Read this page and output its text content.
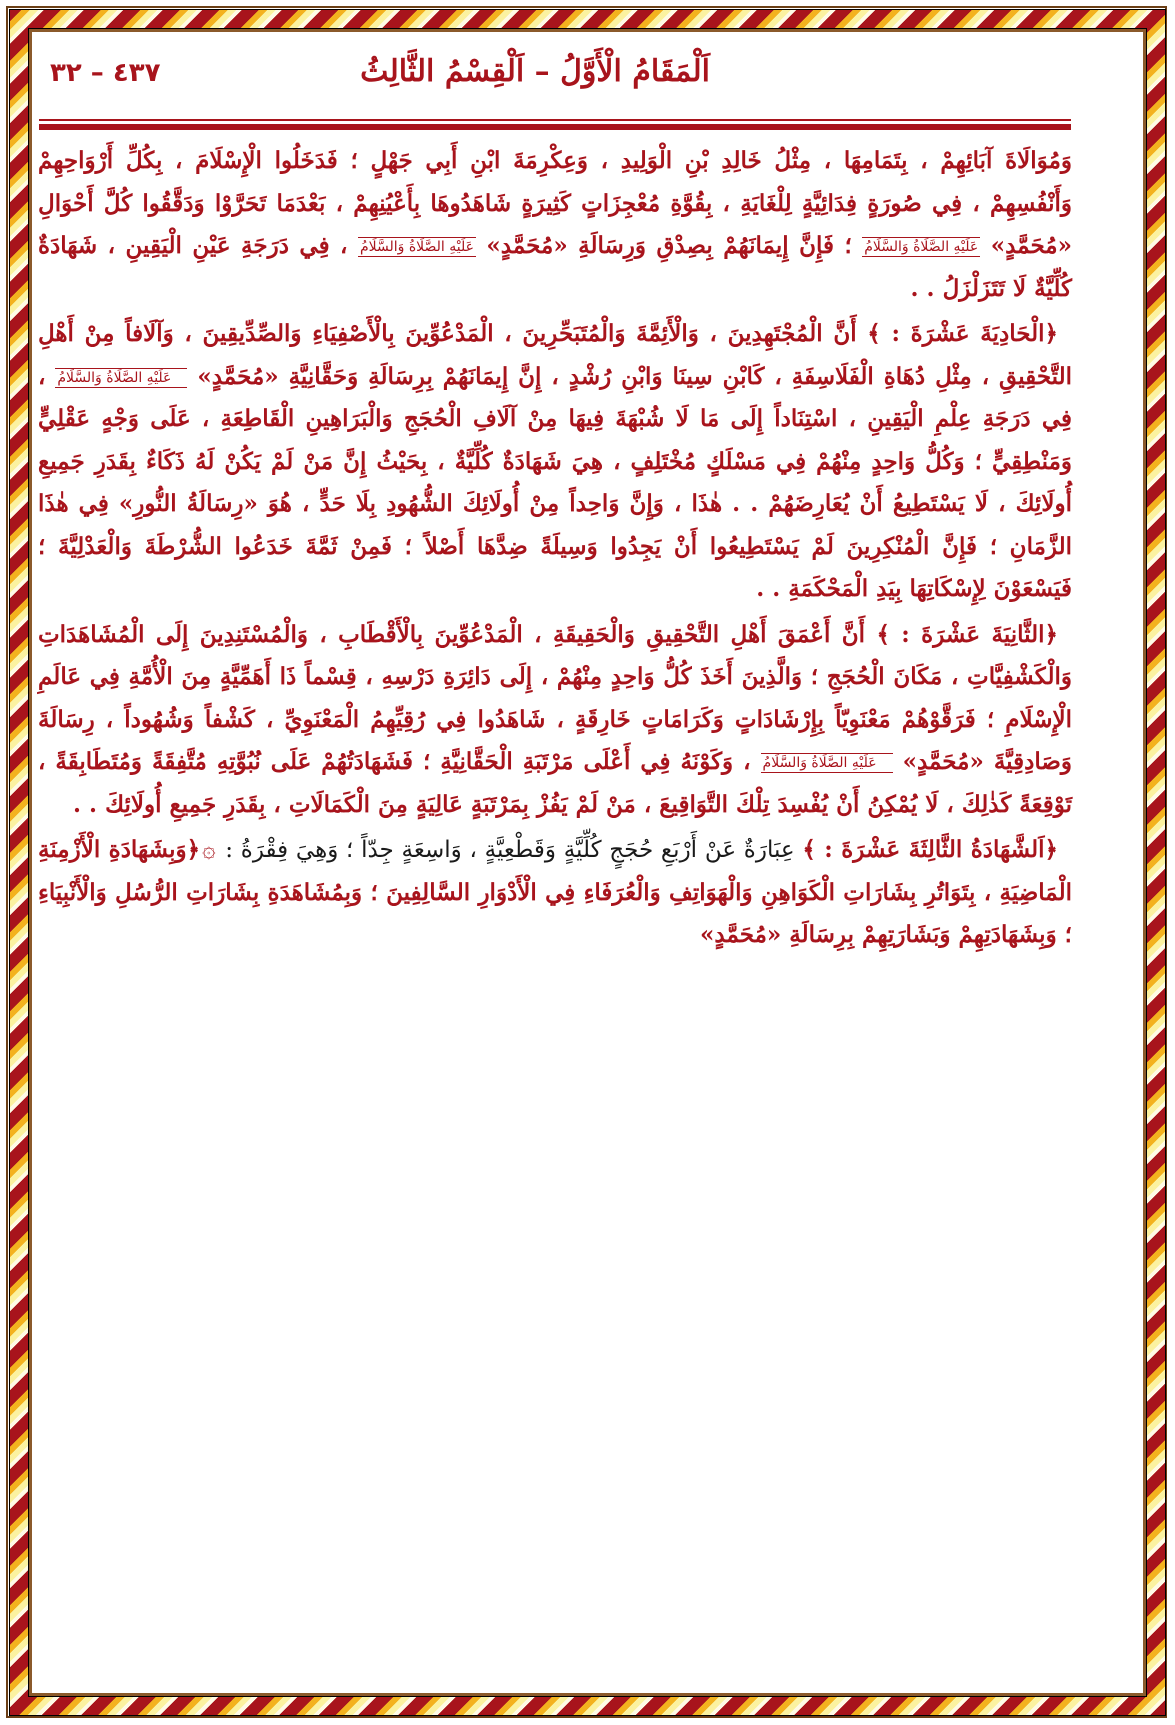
اَلْمَقَامُ الْأَوَّلُ – اَلْقِسْمُ الثَّالِثُ
٤٣٧ – ٣٢

وَمُوَالَاةَ آبَائِهِمْ ، بِتَمَامِهَا ، مِثْلُ خَالِدِ بْنِ الْوَلِيدِ ، وَعِكْرِمَةَ ابْنِ أَبِي جَهْلٍ ؛ فَدَخَلُوا الْإِسْلَامَ ، بِكُلِّ أَرْوَاحِهِمْ وَأَنْفُسِهِمْ ، فِي صُورَةٍ فِدَائِيَّةٍ لِلْغَايَةِ ، بِقُوَّةِ مُعْجِزَاتٍ كَثِيرَةٍ شَاهَدُوهَا بِأَعْيُنِهِمْ ، بَعْدَمَا تَحَرَّوْا وَدَقَّقُوا كُلَّ أَحْوَالِ «مُحَمَّدٍ» عَلَيْهِ الصَّلَاةُ وَالسَّلَامُ ؛ فَإِنَّ إِيمَانَهُمْ بِصِدْقِ وَرِسَالَةِ «مُحَمَّدٍ» عَلَيْهِ الصَّلَاةُ وَالسَّلَامُ ، فِي دَرَجَةِ عَيْنِ الْيَقِينِ ، شَهَادَةٌ كُلِّيَّةٌ لَا تَتَزَلْزَلُ . .

﴿الْحَادِيَةَ عَشْرَةَ : ﴾ أَنَّ الْمُجْتَهِدِينَ ، وَالْأَئِمَّةَ وَالْمُتَبَحِّرِينَ ، الْمَدْعُوِّينَ بِالْأَصْفِيَاءِ وَالصِّدِّيقِينَ ، وَآلَافاً مِنْ أَهْلِ التَّحْقِيقِ ، مِثْلِ دُهَاةِ الْفَلَاسِفَةِ ، كَابْنِ سِينَا وَابْنِ رُشْدٍ ، إِنَّ إِيمَانَهُمْ بِرِسَالَةِ وَحَقَّانِيَّةِ «مُحَمَّدٍ» عَلَيْهِ الصَّلَاةُ وَالسَّلَامُ ، فِي دَرَجَةِ عِلْمِ الْيَقِينِ ، اسْتِنَاداً إِلَى مَا لَا شُبْهَةَ فِيهَا مِنْ آلَافِ الْحُجَجِ وَالْبَرَاهِينِ الْقَاطِعَةِ ، عَلَى وَجْهٍ عَقْلِيٍّ وَمَنْطِقِيٍّ ؛ وَكُلُّ وَاحِدٍ مِنْهُمْ فِي مَسْلَكٍ مُخْتَلِفٍ ، هِيَ شَهَادَةٌ كُلِّيَّةٌ ، بِحَيْثُ إِنَّ مَنْ لَمْ يَكُنْ لَهُ ذَكَاءٌ بِقَدَرِ جَمِيعِ أُولَائِكَ ، لَا يَسْتَطِيعُ أَنْ يُعَارِضَهُمْ . . هٰذَا ، وَإِنَّ وَاحِداً مِنْ أُولَائِكَ الشُّهُودِ بِلَا حَدٍّ ، هُوَ «رِسَالَةُ النُّورِ» فِي هٰذَا الزَّمَانِ ؛ فَإِنَّ الْمُنْكِرِينَ لَمْ يَسْتَطِيعُوا أَنْ يَجِدُوا وَسِيلَةً ضِدَّهَا أَصْلاً ؛ فَمِنْ ثَمَّةَ خَدَعُوا الشُّرْطَةَ وَالْعَدْلِيَّةَ ؛ فَيَسْعَوْنَ لِإِسْكَاتِهَا بِيَدِ الْمَحْكَمَةِ . .

﴿الثَّانِيَةَ عَشْرَةَ : ﴾ أَنَّ أَعْمَقَ أَهْلِ التَّحْقِيقِ وَالْحَقِيقَةِ ، الْمَدْعُوِّينَ بِالْأَقْطَابِ ، وَالْمُسْتَنِدِينَ إِلَى الْمُشَاهَدَاتِ وَالْكَشْفِيَّاتِ ، مَكَانَ الْحُجَجِ ؛ وَالَّذِينَ أَخَذَ كُلُّ وَاحِدٍ مِنْهُمْ ، إِلَى دَائِرَةِ دَرْسِهِ ، قِسْماً ذَا أَهَمِّيَّةٍ مِنَ الْأُمَّةِ فِي عَالَمِ الْإِسْلَامِ ؛ فَرَقَّوْهُمْ مَعْنَوِيّاً بِإِرْشَادَاتٍ وَكَرَامَاتٍ خَارِقَةٍ ، شَاهَدُوا فِي رُقِيِّهِمُ الْمَعْنَوِيِّ ، كَشْفاً وَشُهُوداً ، رِسَالَةَ وَصَادِقِيَّةَ «مُحَمَّدٍ» عَلَيْهِ الصَّلَاةُ وَالسَّلَامُ ، وَكَوْنَهُ فِي أَعْلَى مَرْتَبَةِ الْحَقَّانِيَّةِ ؛ فَشَهَادَتُهُمْ عَلَى نُبُوَّتِهِ مُتَّفِقَةً وَمُتَطَابِقَةً ، تَوْقِعَةً كَذٰلِكَ ، لَا يُمْكِنُ أَنْ يُفْسِدَ تِلْكَ التَّوَاقِيعَ ، مَنْ لَمْ يَفُزْ بِمَرْتَبَةٍ عَالِيَةٍ مِنَ الْكَمَالَاتِ ، بِقَدَرِ جَمِيعِ أُولَائِكَ . .

﴿اَلشَّهَادَةُ الثَّالِثَةَ عَشْرَةَ : ﴾ عِبَارَةٌ عَنْ أَرْبَعِ حُجَجٍ كُلِّيَّةٍ وَقَطْعِيَّةٍ ، وَاسِعَةٍ جِدّاً ؛ وَهِيَ فِقْرَةُ : ۞﴿وَبِشَهَادَةِ الْأَزْمِنَةِ الْمَاضِيَةِ ، بِتَوَاتُرِ بِشَارَاتِ الْكَوَاهِنِ وَالْهَوَاتِفِ وَالْعُرَفَاءِ فِي الْأَدْوَارِ السَّالِفِينَ ؛ وَبِمُشَاهَدَةِ بِشَارَاتِ الرُّسُلِ وَالْأَنْبِيَاءِ ؛ وَبِشَهَادَتِهِمْ وَبَشَارَتِهِمْ بِرِسَالَةِ «مُحَمَّدٍ»
